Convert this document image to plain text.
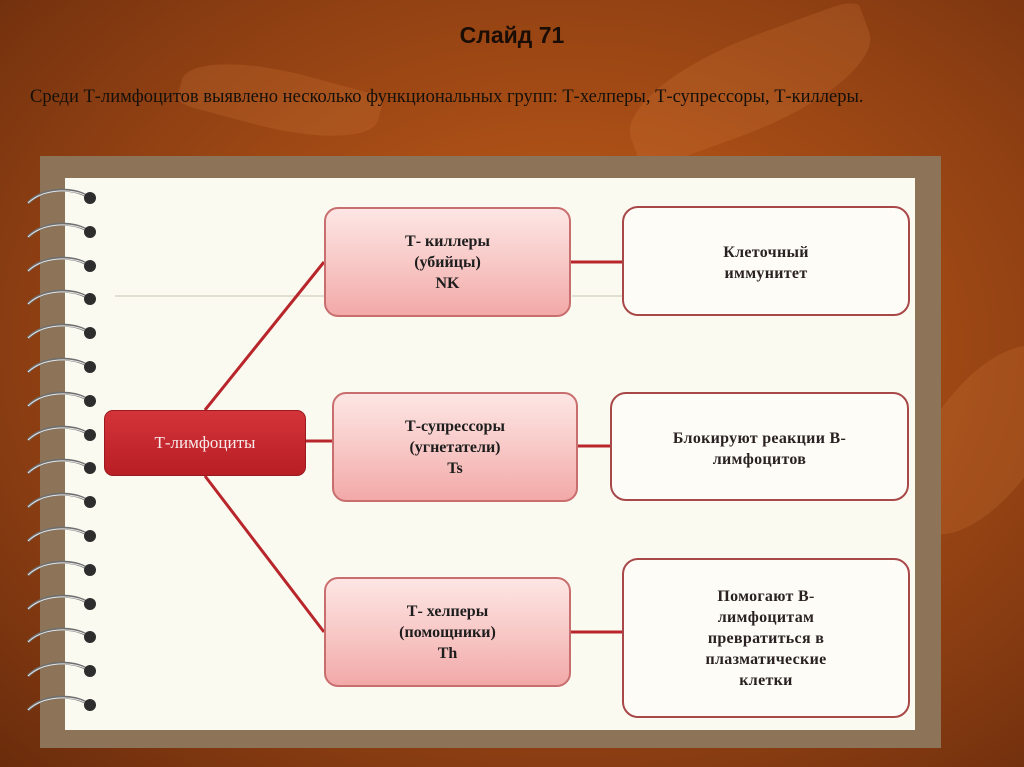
Слайд 71
Среди Т-лимфоцитов выявлено несколько функциональных групп: Т-хелперы, Т-супрессоры, Т-киллеры.
Т-лимфоциты
Т- киллеры
(убийцы)
NK
Т-супрессоры
(угнетатели)
Ts
Т- хелперы
(помощники)
Th
Клеточный
иммунитет
Блокируют реакции В-
лимфоцитов
Помогают В-
лимфоцитам
превратиться в
плазматические
клетки
